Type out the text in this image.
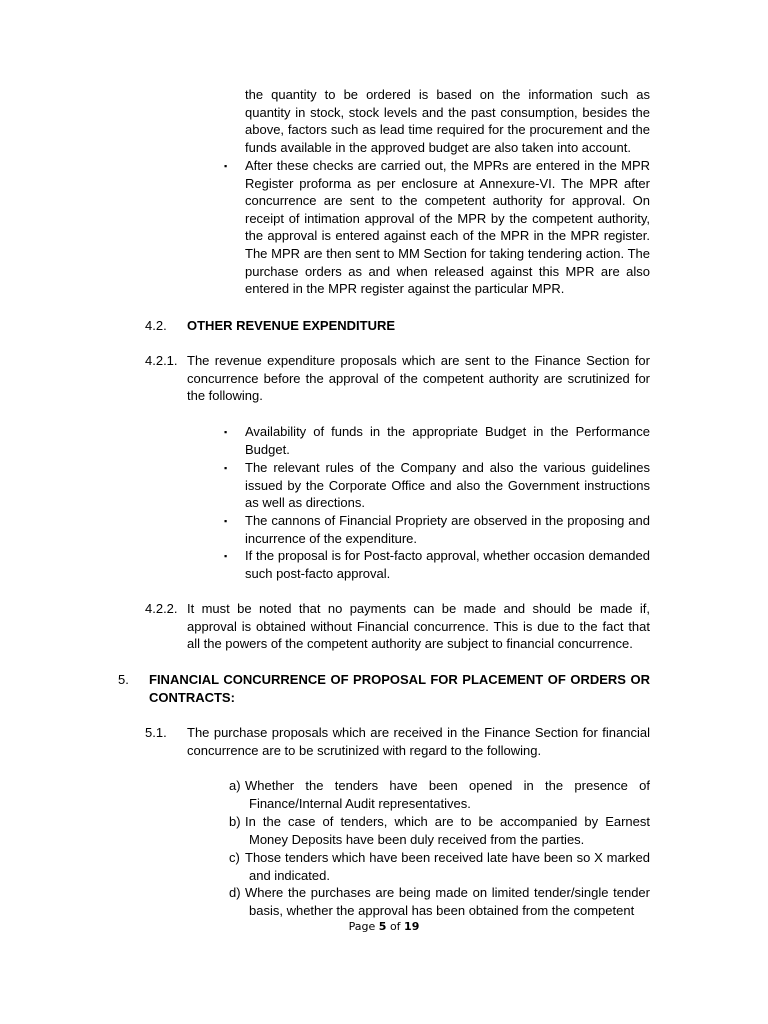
the quantity to be ordered is based on the information such as quantity in stock, stock levels and the past consumption, besides the above, factors such as lead time required for the procurement and the funds available in the approved budget are also taken into account.

▪ After these checks are carried out, the MPRs are entered in the MPR Register proforma as per enclosure at Annexure-VI. The MPR after concurrence are sent to the competent authority for approval. On receipt of intimation approval of the MPR by the competent authority, the approval is entered against each of the MPR in the MPR register. The MPR are then sent to MM Section for taking tendering action. The purchase orders as and when released against this MPR are also entered in the MPR register against the particular MPR.

4.2. OTHER REVENUE EXPENDITURE
4.2.1. The revenue expenditure proposals which are sent to the Finance Section for concurrence before the approval of the competent authority are scrutinized for the following.

▪ Availability of funds in the appropriate Budget in the Performance Budget.

▪ The relevant rules of the Company and also the various guidelines issued by the Corporate Office and also the Government instructions as well as directions.

▪ The cannons of Financial Propriety are observed in the proposing and incurrence of the expenditure.

▪ If the proposal is for Post-facto approval, whether occasion demanded such post-facto approval.

4.2.2. It must be noted that no payments can be made and should be made if, approval is obtained without Financial concurrence. This is due to the fact that all the powers of the competent authority are subject to financial concurrence.

5. FINANCIAL CONCURRENCE OF PROPOSAL FOR PLACEMENT OF ORDERS OR CONTRACTS:

5.1. The purchase proposals which are received in the Finance Section for financial concurrence are to be scrutinized with regard to the following.

a) Whether the tenders have been opened in the presence of Finance/Internal Audit representatives.

b) In the case of tenders, which are to be accompanied by Earnest Money Deposits have been duly received from the parties.

c) Those tenders which have been received late have been so X marked and indicated.

d) Where the purchases are being made on limited tender/single tender basis, whether the approval has been obtained from the competent

Page 5 of 19
